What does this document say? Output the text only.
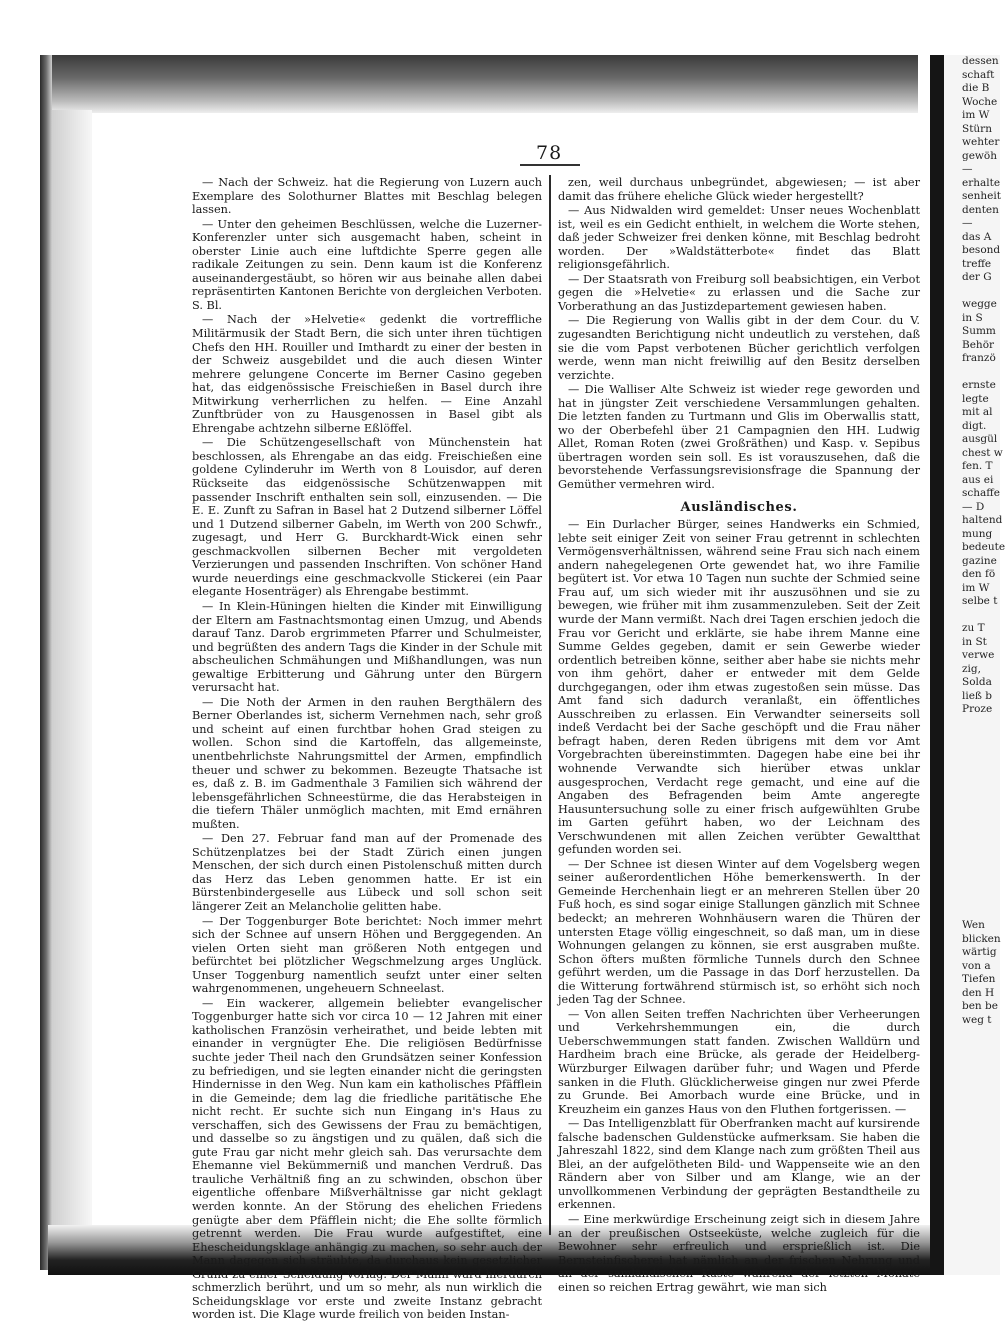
dessen
schaft
die B
Woche
im W
Stürn
wehter
gewöh
—
erhalte
senheit
denten
—
das A
besond
treffe
der G

wegge
in S
Summ
Behör
franzö

ernste
legte
mit al
digt.
ausgül
chest w
fen. T
aus ei
schaffe
— D
haltend
mung
bedeute
gazine
den fö
im W
selbe t

zu T
in St
verwe
zig,
Solda
ließ b
Proze

Wen
blicken
wärtig
von a
Tiefen
den H
ben be
weg t
78

— Nach der Schweiz. hat die Regierung von Luzern auch Exemplare des Solothurner Blattes mit Beschlag belegen lassen.

— Unter den geheimen Beschlüssen, welche die Luzerner-Konferenzler unter sich ausgemacht haben, scheint in oberster Linie auch eine luftdichte Sperre gegen alle radikale Zeitungen zu sein. Denn kaum ist die Konferenz auseinandergestäubt, so hören wir aus beinahe allen dabei repräsentirten Kantonen Berichte von dergleichen Verboten. S. Bl.

— Nach der »Helvetie« gedenkt die vortreffliche Militärmusik der Stadt Bern, die sich unter ihren tüchtigen Chefs den HH. Rouiller und Imthardt zu einer der besten in der Schweiz ausgebildet und die auch diesen Winter mehrere gelungene Concerte im Berner Casino gegeben hat, das eidgenössische Freischießen in Basel durch ihre Mitwirkung verherrlichen zu helfen. — Eine Anzahl Zunftbrüder von zu Hausgenossen in Basel gibt als Ehrengabe achtzehn silberne Eßlöffel.

— Die Schützengesellschaft von Münchenstein hat beschlossen, als Ehrengabe an das eidg. Freischießen eine goldene Cylinderuhr im Werth von 8 Louisdor, auf deren Rückseite das eidgenössische Schützenwappen mit passender Inschrift enthalten sein soll, einzusenden. — Die E. E. Zunft zu Safran in Basel hat 2 Dutzend silberner Löffel und 1 Dutzend silberner Gabeln, im Werth von 200 Schwfr., zugesagt, und Herr G. Burckhardt-Wick einen sehr geschmackvollen silbernen Becher mit vergoldeten Verzierungen und passenden Inschriften. Von schöner Hand wurde neuerdings eine geschmackvolle Stickerei (ein Paar elegante Hosenträger) als Ehrengabe bestimmt.

— In Klein-Hüningen hielten die Kinder mit Einwilligung der Eltern am Fastnachtsmontag einen Umzug, und Abends darauf Tanz. Darob ergrimmeten Pfarrer und Schulmeister, und begrüßten des andern Tags die Kinder in der Schule mit abscheulichen Schmähungen und Mißhandlungen, was nun gewaltige Erbitterung und Gährung unter den Bürgern verursacht hat.

— Die Noth der Armen in den rauhen Bergthälern des Berner Oberlandes ist, sicherm Vernehmen nach, sehr groß und scheint auf einen furchtbar hohen Grad steigen zu wollen. Schon sind die Kartoffeln, das allgemeinste, unentbehrlichste Nahrungsmittel der Armen, empfindlich theuer und schwer zu bekommen. Bezeugte Thatsache ist es, daß z. B. im Gadmenthale 3 Familien sich während der lebensgefährlichen Schneestürme, die das Herabsteigen in die tiefern Thäler unmöglich machten, mit Emd ernähren mußten.

— Den 27. Februar fand man auf der Promenade des Schützenplatzes bei der Stadt Zürich einen jungen Menschen, der sich durch einen Pistolenschuß mitten durch das Herz das Leben genommen hatte. Er ist ein Bürstenbindergeselle aus Lübeck und soll schon seit längerer Zeit an Melancholie gelitten habe.

— Der Toggenburger Bote berichtet: Noch immer mehrt sich der Schnee auf unsern Höhen und Berggegenden. An vielen Orten sieht man größeren Noth entgegen und befürchtet bei plötzlicher Wegschmelzung arges Unglück. Unser Toggenburg namentlich seufzt unter einer selten wahrgenommenen, ungeheuern Schneelast.

— Ein wackerer, allgemein beliebter evangelischer Toggenburger hatte sich vor circa 10 — 12 Jahren mit einer katholischen Französin verheirathet, und beide lebten mit einander in vergnügter Ehe. Die religiösen Bedürfnisse suchte jeder Theil nach den Grundsätzen seiner Konfession zu befriedigen, und sie legten einander nicht die geringsten Hindernisse in den Weg. Nun kam ein katholisches Pfäfflein in die Gemeinde; dem lag die friedliche paritätische Ehe nicht recht. Er suchte sich nun Eingang in's Haus zu verschaffen, sich des Gewissens der Frau zu bemächtigen, und dasselbe so zu ängstigen und zu quälen, daß sich die gute Frau gar nicht mehr gleich sah. Das verursachte dem Ehemanne viel Bekümmerniß und manchen Verdruß. Das trauliche Verhältniß fing an zu schwinden, obschon über eigentliche offenbare Mißverhältnisse gar nicht geklagt werden konnte. An der Störung des ehelichen Friedens genügte aber dem Pfäfflein nicht; die Ehe sollte förmlich getrennt werden. Die Frau wurde aufgestiftet, eine Ehescheidungsklage anhängig zu machen, so sehr auch der Mann dagegen sich sträubte, da durchaus kein gesetzlicher Grund zu einer Scheidung vorlag. Der Mann ward hierdurch schmerzlich berührt, und um so mehr, als nun wirklich die Scheidungsklage vor erste und zweite Instanz gebracht worden ist. Die Klage wurde freilich von beiden Instan-

zen, weil durchaus unbegründet, abgewiesen; — ist aber damit das frühere eheliche Glück wieder hergestellt?

— Aus Nidwalden wird gemeldet: Unser neues Wochenblatt ist, weil es ein Gedicht enthielt, in welchem die Worte stehen, daß jeder Schweizer frei denken könne, mit Beschlag bedroht worden. Der »Waldstätterbote« findet das Blatt religionsgefährlich.

— Der Staatsrath von Freiburg soll beabsichtigen, ein Verbot gegen die »Helvetie« zu erlassen und die Sache zur Vorberathung an das Justizdepartement gewiesen haben.

— Die Regierung von Wallis gibt in der dem Cour. du V. zugesandten Berichtigung nicht undeutlich zu verstehen, daß sie die vom Papst verbotenen Bücher gerichtlich verfolgen werde, wenn man nicht freiwillig auf den Besitz derselben verzichte.

— Die Walliser Alte Schweiz ist wieder rege geworden und hat in jüngster Zeit verschiedene Versammlungen gehalten. Die letzten fanden zu Turtmann und Glis im Oberwallis statt, wo der Oberbefehl über 21 Campagnien den HH. Ludwig Allet, Roman Roten (zwei Großräthen) und Kasp. v. Sepibus übertragen worden sein soll. Es ist vorauszusehen, daß die bevorstehende Verfassungsrevisionsfrage die Spannung der Gemüther vermehren wird.

Ausländisches.

— Ein Durlacher Bürger, seines Handwerks ein Schmied, lebte seit einiger Zeit von seiner Frau getrennt in schlechten Vermögensverhältnissen, während seine Frau sich nach einem andern nahegelegenen Orte gewendet hat, wo ihre Familie begütert ist. Vor etwa 10 Tagen nun suchte der Schmied seine Frau auf, um sich wieder mit ihr auszusöhnen und sie zu bewegen, wie früher mit ihm zusammenzuleben. Seit der Zeit wurde der Mann vermißt. Nach drei Tagen erschien jedoch die Frau vor Gericht und erklärte, sie habe ihrem Manne eine Summe Geldes gegeben, damit er sein Gewerbe wieder ordentlich betreiben könne, seither aber habe sie nichts mehr von ihm gehört, daher er entweder mit dem Gelde durchgegangen, oder ihm etwas zugestoßen sein müsse. Das Amt fand sich dadurch veranlaßt, ein öffentliches Ausschreiben zu erlassen. Ein Verwandter seinerseits soll indeß Verdacht bei der Sache geschöpft und die Frau näher befragt haben, deren Reden übrigens mit dem vor Amt Vorgebrachten übereinstimmten. Dagegen habe eine bei ihr wohnende Verwandte sich hierüber etwas unklar ausgesprochen, Verdacht rege gemacht, und eine auf die Angaben des Befragenden beim Amte angeregte Hausuntersuchung solle zu einer frisch aufgewühlten Grube im Garten geführt haben, wo der Leichnam des Verschwundenen mit allen Zeichen verübter Gewaltthat gefunden worden sei.

— Der Schnee ist diesen Winter auf dem Vogelsberg wegen seiner außerordentlichen Höhe bemerkenswerth. In der Gemeinde Herchenhain liegt er an mehreren Stellen über 20 Fuß hoch, es sind sogar einige Stallungen gänzlich mit Schnee bedeckt; an mehreren Wohnhäusern waren die Thüren der untersten Etage völlig eingeschneit, so daß man, um in diese Wohnungen gelangen zu können, sie erst ausgraben mußte. Schon öfters mußten förmliche Tunnels durch den Schnee geführt werden, um die Passage in das Dorf herzustellen. Da die Witterung fortwährend stürmisch ist, so erhöht sich noch jeden Tag der Schnee.

— Von allen Seiten treffen Nachrichten über Verheerungen und Verkehrshemmungen ein, die durch Ueberschwemmungen statt fanden. Zwischen Walldürn und Hardheim brach eine Brücke, als gerade der Heidelberg-Würzburger Eilwagen darüber fuhr; und Wagen und Pferde sanken in die Fluth. Glücklicherweise gingen nur zwei Pferde zu Grunde. Bei Amorbach wurde eine Brücke, und in Kreuzheim ein ganzes Haus von den Fluthen fortgerissen. —

— Das Intelligenzblatt für Oberfranken macht auf kursirende falsche badenschen Guldenstücke aufmerksam. Sie haben die Jahreszahl 1822, sind dem Klange nach zum größten Theil aus Blei, an der aufgelötheten Bild- und Wappenseite wie an den Rändern aber von Silber und am Klange, wie an der unvollkommenen Verbindung der geprägten Bestandtheile zu erkennen.

— Eine merkwürdige Erscheinung zeigt sich in diesem Jahre an der preußischen Ostseeküste, welche zugleich für die Bewohner sehr erfreulich und ersprießlich ist. Die Bernsteinfischerei hat nämlich an der frischen Nehrung und an der samländischen Küste während der letzten Monate einen so reichen Ertrag gewährt, wie man sich
